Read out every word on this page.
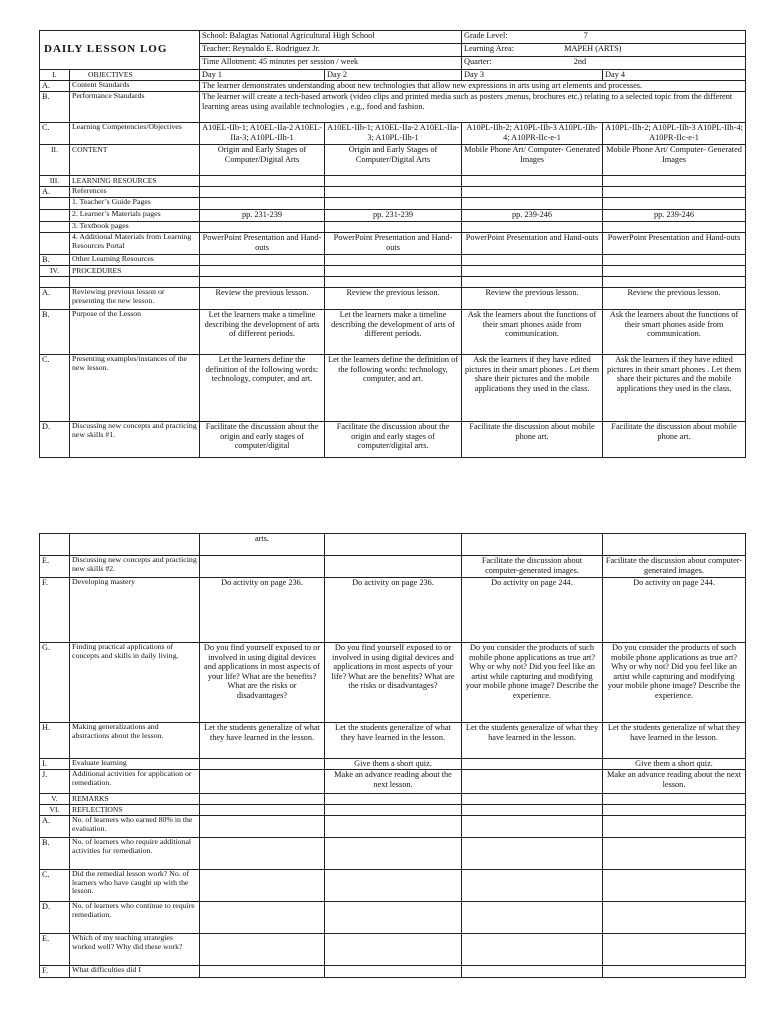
DAILY LESSON LOG		School: Balagtas National Agricultural High School		Grade Level: 7	
		Teacher: Reynaldo E. Rodriguez Jr.		Learning Area: MAPEH (ARTS)	
		Time Allotment: 45 minutes per session / week		Quarter: 2nd	
I.	OBJECTIVES	Day 1	Day 2	Day 3	Day 4
A.	Content Standards	The learner demonstrates understanding about new technologies that allow new expressions in arts using art elements and processes.			
B.	Performance Standards	The learner will create a tech-based artwork (video clips and printed media such as posters ,menus, brochures etc.) relating to a selected topic from the different learning areas using available technologies , e.g., food and fashion.			
C.	Learning Competencies/Objectives	A10EL-IIb-1; A10EL-IIa-2 A10EL-IIa-3; A10PL-IIh-1	A10EL-IIb-1; A10EL-IIa-2 A10EL-IIa-3; A10PL-IIh-1	A10PL-IIh-2; A10PL-IIh-3 A10PL-IIh-4; A10PR-IIc-e-1	A10PL-IIh-2; A10PL-IIh-3 A10PL-IIh-4; A10PR-IIc-e-1
II.	CONTENT	Origin and Early Stages of Computer/Digital Arts	Origin and Early Stages of Computer/Digital Arts	Mobile Phone Art/ Computer- Generated Images	Mobile Phone Art/ Computer- Generated Images
III.	LEARNING RESOURCES				
A.	References				
	1. Teacher’s Guide Pages				
	2. Learner’s Materials pages	pp. 231-239	pp. 231-239	pp. 239-246	pp. 239-246
	3. Textbook pages				
	4. Additional Materials from Learning Resources Portal	PowerPoint Presentation and Hand-outs	PowerPoint Presentation and Hand-outs	PowerPoint Presentation and Hand-outs	PowerPoint Presentation and Hand-outs
B.	Other Learning Resources				
IV.	PROCEDURES				

A.	Reviewing previous lesson or presenting the new lesson.	Review the previous lesson.	Review the previous lesson.	Review the previous lesson.	Review the previous lesson.
B.	Purpose of the Lesson	Let the learners make a timeline describing the development of arts of different periods.	Let the learners make a timeline describing the development of arts of different periods.	Ask the learners about the functions of their smart phones aside from communication.	Ask the learners about the functions of their smart phones aside from communication.
C.	Presenting examples/instances of the new lesson.	Let the learners define the definition of the following words: technology, computer, and art.	Let the learners define the definition of the following words: technology, computer, and art.	Ask the learners if they have edited pictures in their smart phones . Let them share their pictures and the mobile applications they used in the class.	Ask the learners if they have edited pictures in their smart phones . Let them share their pictures and the mobile applications they used in the class.
D.	Discussing new concepts and practicing new skills #1.	Facilitate the discussion about the origin and early stages of computer/digital	Facilitate the discussion about the origin and early stages of computer/digital arts.	Facilitate the discussion about mobile phone art.	Facilitate the discussion about mobile phone art.
		arts.			
E.	Discussing new concepts and practicing new skills #2.			Facilitate the discussion about computer-generated images.	Facilitate the discussion about computer-generated images.
F.	Developing mastery	Do activity on page 236.	Do activity on page 236.	Do activity on page 244.	Do activity on page 244.
G.	Finding practical applications of concepts and skills in daily living.	Do you find yourself exposed to or involved in using digital devices and applications in most aspects of your life? What are the benefits? What are the risks or disadvantages?	Do you find yourself exposed to or involved in using digital devices and applications in most aspects of your life? What are the benefits? What are the risks or disadvantages?	Do you consider the products of such mobile phone applications as true art? Why or why not? Did you feel like an artist while capturing and modifying your mobile phone image? Describe the experience.	Do you consider the products of such mobile phone applications as true art? Why or why not? Did you feel like an artist while capturing and modifying your mobile phone image? Describe the experience.
H.	Making generalizations and abstractions about the lesson.	Let the students generalize of what they have learned in the lesson.	Let the students generalize of what they have learned in the lesson.	Let the students generalize of what they have learned in the lesson.	Let the students generalize of what they have learned in the lesson.
I.	Evaluate learning		Give them a short quiz.		Give them a short quiz.
J.	Additional activities for application or remediation.		Make an advance reading about the next lesson.		Make an advance reading about the next lesson.
V.	REMARKS				
VI.	REFLECTIONS				
A.	No. of learners who earned 80% in the evaluation.				
B.	No. of learners who require additional activities for remediation.				
C.	Did the remedial lesson work? No. of learners who have caught up with the lesson.				
D.	No. of learners who continue to require remediation.				
E.	Which of my teaching strategies worked well? Why did these work?				
F.	What difficulties did I				
